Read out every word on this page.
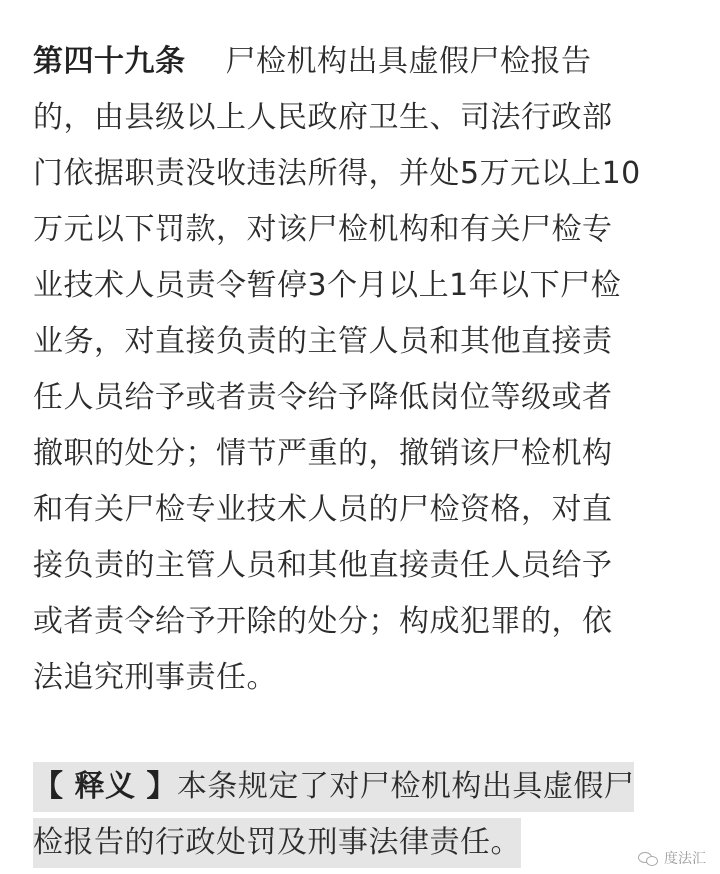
第四十九条 尸检机构出具虚假尸检报告
的，由县级以上人民政府卫生、司法行政部
门依据职责没收违法所得，并处5万元以上10
万元以下罚款，对该尸检机构和有关尸检专
业技术人员责令暂停3个月以上1年以下尸检
业务，对直接负责的主管人员和其他直接责
任人员给予或者责令给予降低岗位等级或者
撤职的处分；情节严重的，撤销该尸检机构
和有关尸检专业技术人员的尸检资格，对直
接负责的主管人员和其他直接责任人员给予
或者责令给予开除的处分；构成犯罪的，依
法追究刑事责任。
【 释义 】本条规定了对尸检机构出具虚假尸
检报告的行政处罚及刑事法律责任。	度法汇
